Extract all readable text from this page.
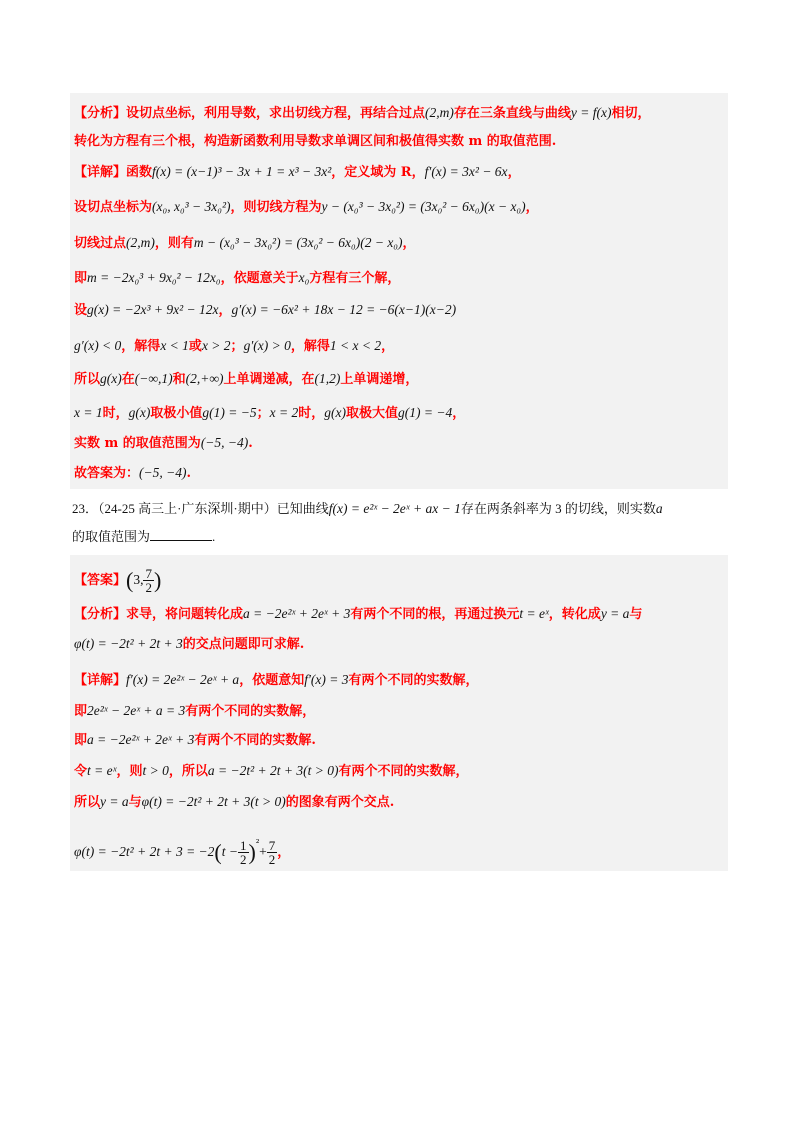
【分析】设切点坐标，利用导数，求出切线方程，再结合过点(2,m)存在三条直线与曲线y = f(x)相切，
转化为方程有三个根，构造新函数利用导数求单调区间和极值得实数 m 的取值范围.
【详解】函数f(x) = (x−1)³ − 3x + 1 = x³ − 3x²，定义域为 R，f′(x) = 3x² − 6x，
设切点坐标为(x₀, x₀³ − 3x₀²)，则切线方程为y − (x₀³ − 3x₀²) = (3x₀² − 6x₀)(x − x₀)，
切线过点(2,m)，则有m − (x₀³ − 3x₀²) = (3x₀² − 6x₀)(2 − x₀)，
即m = −2x₀³ + 9x₀² − 12x₀，依题意关于x₀方程有三个解，
设g(x) = −2x³ + 9x² − 12x，g′(x) = −6x² + 18x − 12 = −6(x−1)(x−2)
g′(x) < 0，解得x < 1或x > 2；g′(x) > 0，解得1 < x < 2，
所以g(x)在(−∞,1)和(2,+∞)上单调递减，在(1,2)上单调递增，
x = 1时，g(x)取极小值g(1) = −5；x = 2时，g(x)取极大值g(1) = −4，
实数 m 的取值范围为(−5, −4).
故答案为：(−5, −4).
23．（24-25 高三上·广东深圳·期中）已知曲线f(x) = e²ˣ − 2eˣ + ax − 1存在两条斜率为 3 的切线，则实数a
的取值范围为	.
【答案】(3, $\frac{7}{2}$ )
【分析】求导，将问题转化成a = −2e²ˣ + 2eˣ + 3有两个不同的根，再通过换元t = eˣ，转化成y = a与
φ(t) = −2t² + 2t + 3的交点问题即可求解.
【详解】f′(x) = 2e²ˣ − 2eˣ + a，依题意知f′(x) = 3有两个不同的实数解，
即2e²ˣ − 2eˣ + a = 3有两个不同的实数解，
即a = −2e²ˣ + 2eˣ + 3有两个不同的实数解.
令t = eˣ，则t > 0，所以a = −2t² + 2t + 3(t > 0)有两个不同的实数解，
所以y = a与φ(t) = −2t² + 2t + 3(t > 0)的图象有两个交点.
$\varphi(t) = -2t^2 + 2t + 3 = -2(t - \frac{1}{2} )^{^2}+ \frac{7}{2}$ ，
